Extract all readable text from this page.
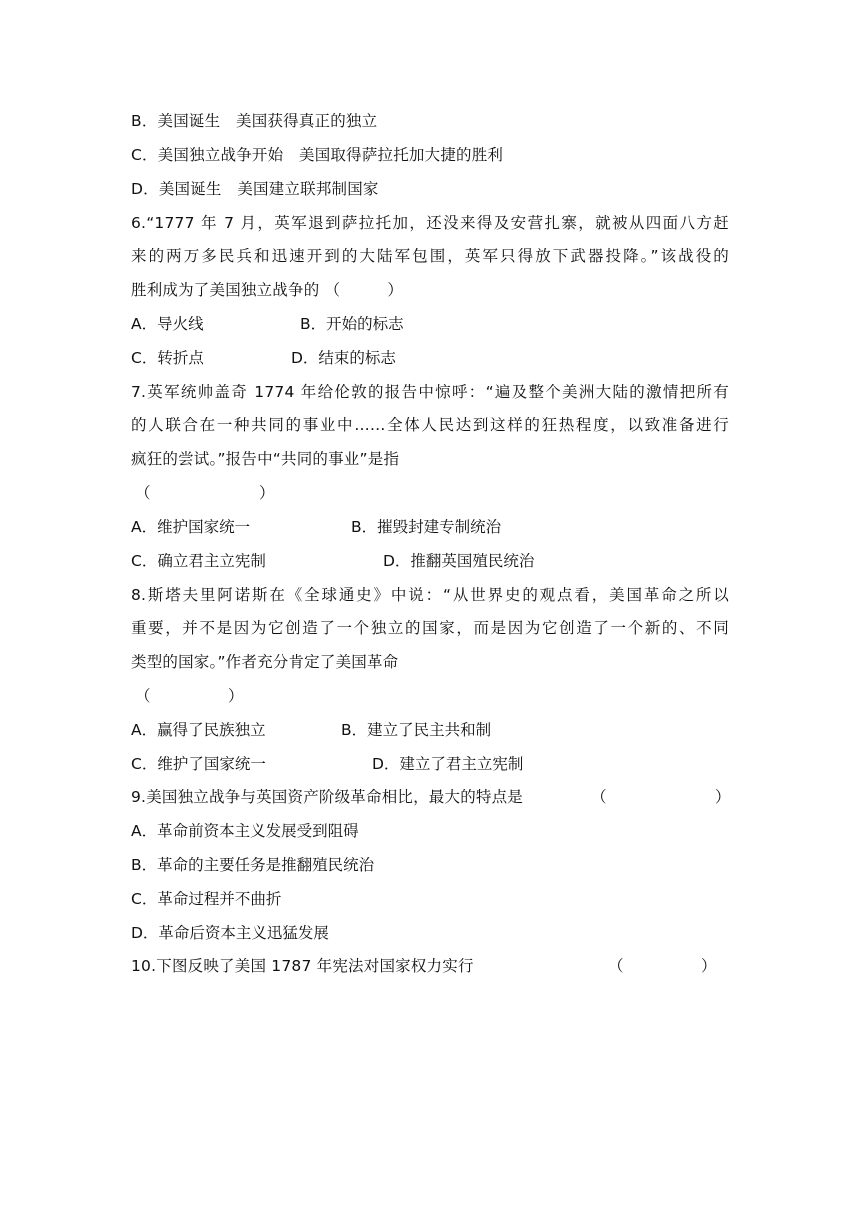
B．美国诞生　美国获得真正的独立
C．美国独立战争开始　美国取得萨拉托加大捷的胜利
D．美国诞生　美国建立联邦制国家
6.“1777 年 7 月，英军退到萨拉托加，还没来得及安营扎寨，就被从四面八方赶
来的两万多民兵和迅速开到的大陆军包围，英军只得放下武器投降。”该战役的
胜利成为了美国独立战争的 （　　　）
A．导火线	B．开始的标志
C．转折点	D．结束的标志
7.英军统帅盖奇 1774 年给伦敦的报告中惊呼：“遍及整个美洲大陆的激情把所有
的人联合在一种共同的事业中……全体人民达到这样的狂热程度，以致准备进行
疯狂的尝试。”报告中“共同的事业”是指
（　　　　　　　）
A．维护国家统一	B．摧毁封建专制统治
C．确立君主立宪制	D．推翻英国殖民统治
8.斯塔夫里阿诺斯在《全球通史》中说：“从世界史的观点看，美国革命之所以
重要，并不是因为它创造了一个独立的国家，而是因为它创造了一个新的、不同
类型的国家。”作者充分肯定了美国革命
（　　　　　）
A．赢得了民族独立	B．建立了民主共和制
C．维护了国家统一	D．建立了君主立宪制
9.美国独立战争与英国资产阶级革命相比，最大的特点是	（　　　　　　　）
A．革命前资本主义发展受到阻碍
B．革命的主要任务是推翻殖民统治
C．革命过程并不曲折
D．革命后资本主义迅猛发展
10.下图反映了美国 1787 年宪法对国家权力实行	（　　　　　）
